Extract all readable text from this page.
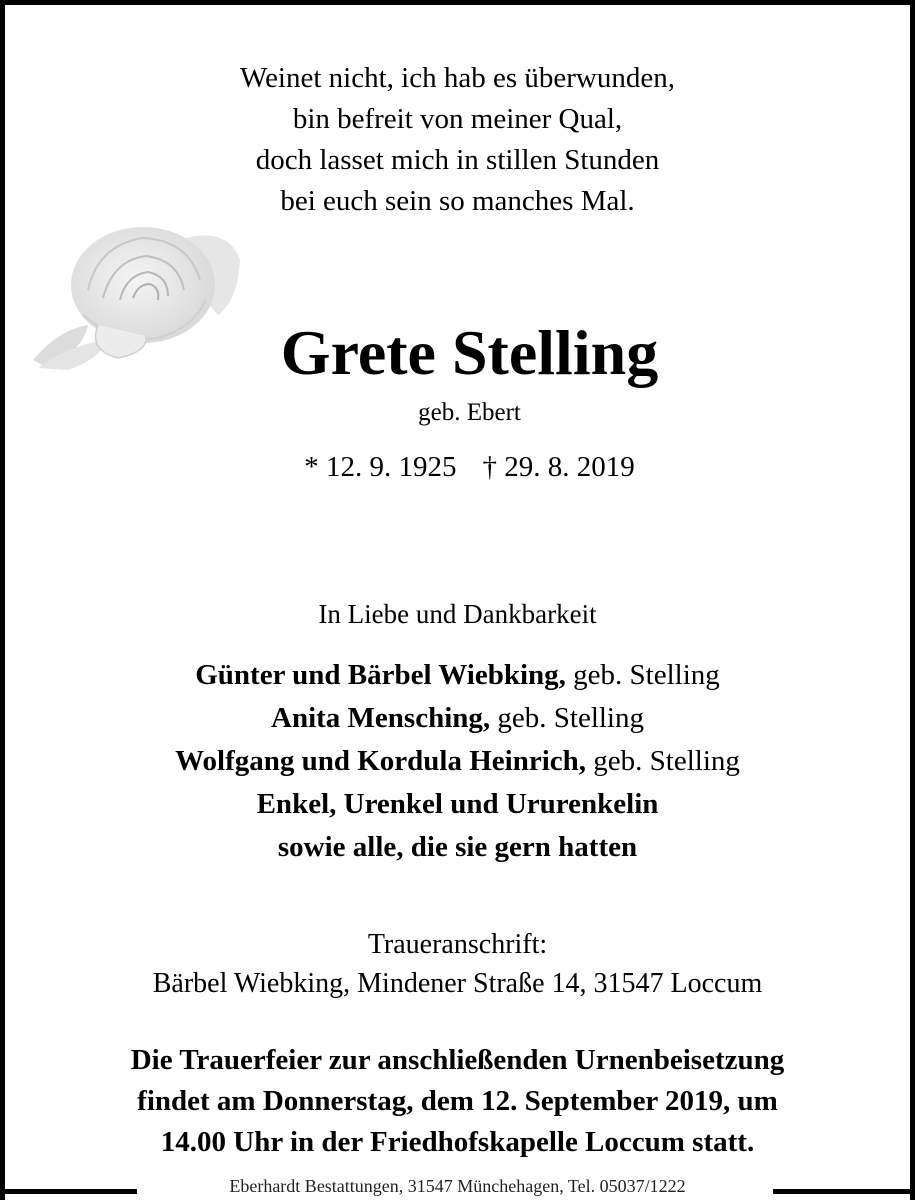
Weinet nicht, ich hab es überwunden,
bin befreit von meiner Qual,
doch lasset mich in stillen Stunden
bei euch sein so manches Mal.
Grete Stelling
geb. Ebert
* 12. 9. 1925 † 29. 8. 2019
In Liebe und Dankbarkeit
Günter und Bärbel Wiebking, geb. Stelling
Anita Mensching, geb. Stelling
Wolfgang und Kordula Heinrich, geb. Stelling
Enkel, Urenkel und Ururenkelin
sowie alle, die sie gern hatten
Traueranschrift:
Bärbel Wiebking, Mindener Straße 14, 31547 Loccum
Die Trauerfeier zur anschließenden Urnenbeisetzung
findet am Donnerstag, dem 12. September 2019, um
14.00 Uhr in der Friedhofskapelle Loccum statt.
Eberhardt Bestattungen, 31547 Münchehagen, Tel. 05037/1222
